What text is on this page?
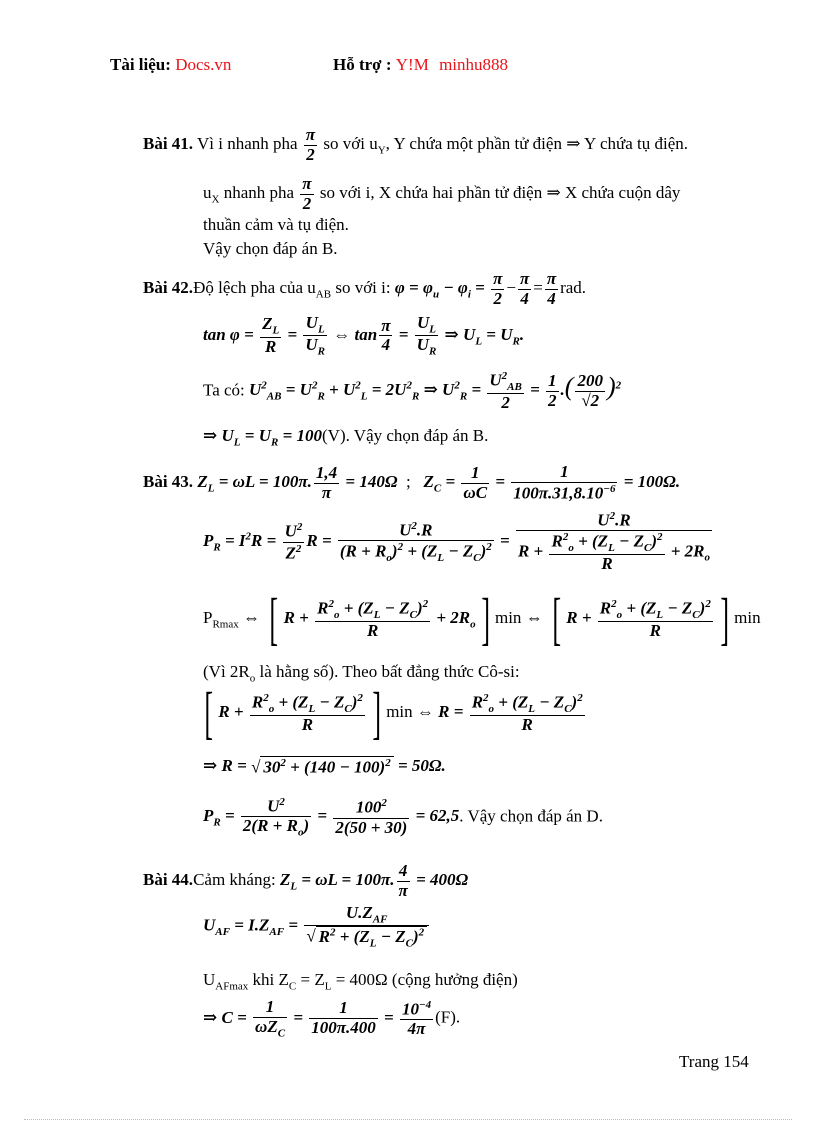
Tài liệu: Docs.vn	Hỗ trợ : Y!M minhu888
Bài 41. Vì i nhanh pha $\frac{\pi}{2}$ so với $u_Y$, Y chứa một phần tử điện ⇒ Y chứa tụ điện.
$u_X$ nhanh pha $\frac{\pi}{2}$ so với i, X chứa hai phần tử điện ⇒ X chứa cuộn dây
thuần cảm và tụ điện.
Vậy chọn đáp án B.
Bài 42.Độ lệch pha của $u_{AB}$ so với i: $\varphi = \varphi_u - \varphi_i = \frac{\pi}{2} - \frac{\pi}{4} = \frac{\pi}{4}$ rad.
$\tan \varphi = \frac{Z_L}{R} = \frac{U_L}{U_R}$ ⇔ $\tan \frac{\pi}{4} = \frac{U_L}{U_R}$ ⇒ $U_L = U_R$.
Ta có: $U^2_{AB} = U^2_R + U^2_L = 2U^2_R$ ⇒ $U^2_R = \frac{U^2_{AB}}{2} = \frac{1}{2}$ .( $\frac{200}{√2} )^2$
⇒ $U_L = U_R = 100(V)$. Vậy chọn đáp án B.
Bài 43. $Z_L = \omega L = 100\pi$. $\frac{1,4}{\pi} = 140\Omega$  ;   $Z_C = \frac{1}{\omega C} = \frac{1}{100\pi.31,8.10^{-6}} = 100\Omega$.
$P_R = I^2R = \frac{U^2}{Z^2}$ $R = \frac{U^2.R}{(R + R_o)^2 + (Z_L - Z_C)^2} = \frac{U^2.R}{R + \frac{R^2_o + (Z_L - Z_C)^2}{R} + 2R_o}$
$P_{Rmax}$ ⇔ [ $R + \frac{R^2_o + (Z_L - Z_C)^2}{R} + 2R_o$] min ⇔ [ $R + \frac{R^2_o + (Z_L - Z_C)^2}{R}$ ] min
(Vì $2R_o$ là hằng số). Theo bất đẳng thức Cô-si:
[ $R + \frac{R^2_o + (Z_L - Z_C)^2}{R}$ ] min ⇔ $R = \frac{R^2_o + (Z_L - Z_C)^2}{R}$
⇒ R = √ $30^2 + (140 - 100)^2 = 50\Omega$.
$P_R = \frac{U^2}{2(R + R_o)} = \frac{100^2}{2(50 + 30)} = 62,5$. Vậy chọn đáp án D.
Bài 44.Cảm kháng: $Z_L = \omega L = 100\pi$. $\frac{4}{\pi} = 400\Omega$
$U_{AF} = I.Z_{AF} = \frac{U.Z_{AF}}{√ R^2 + (Z_L - Z_C)^2}$
$U_{AFmax}$ khi $Z_C = Z_L = 400\Omega$ (cộng hưởng điện)
⇒ $C = \frac{1}{\omega Z_C} = \frac{1}{100\pi.400} = \frac{10^{-4}}{4\pi} (F)$.
Trang 154
